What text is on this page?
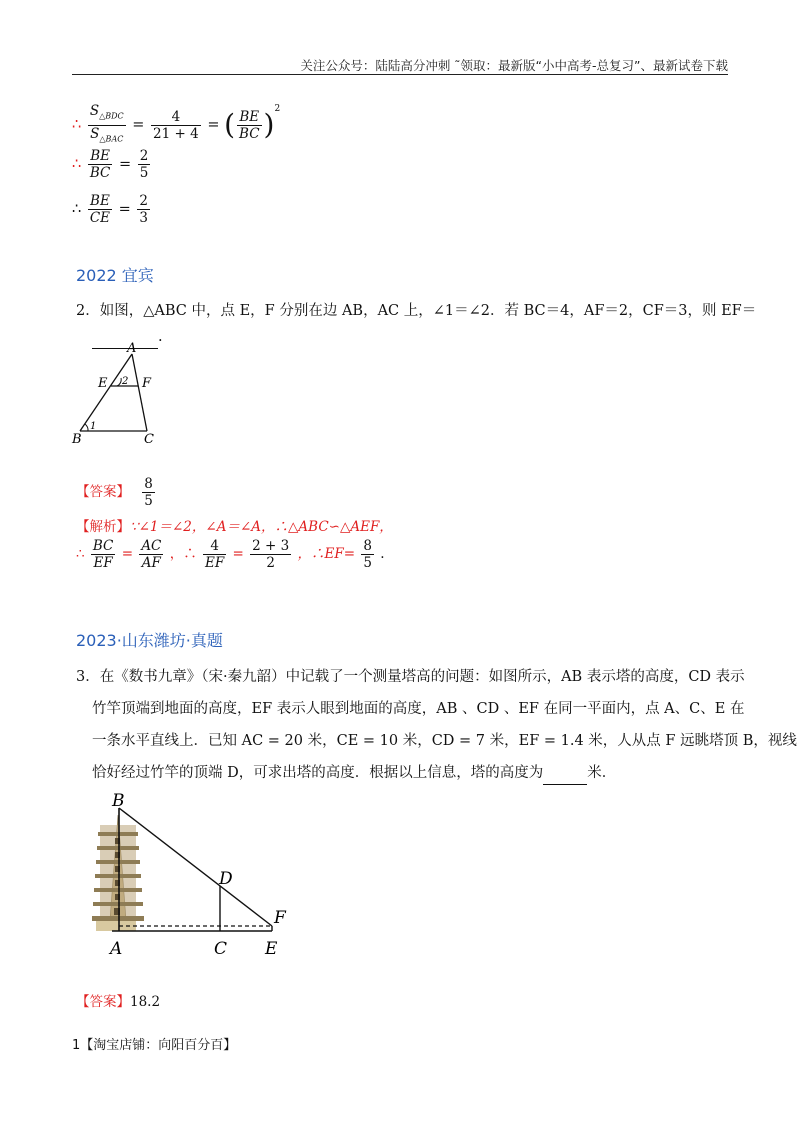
关注公众号：陆陆高分冲刺 ˜领取：最新版“小中高考-总复习”、最新试卷下载
∴ $\frac{S_{\triangle BDC}}{S_{\triangle BAC}} = \frac{4}{21 + 4}$ = ( $\frac{BE}{BC} )^2$
∴ $\frac{BE}{BC} = \frac{2}{5}$
∴ $\frac{BE}{CE} = \frac{2}{3}$
2022 宜宾
2．如图，△ABC 中，点 E，F 分别在边 AB，AC 上，∠1＝∠2．若 BC＝4，AF＝2，CF＝3，则 EF＝
.
A
E	F
B	C
2
1
【答案】 $\frac{8}{5}$
【解析】∵∠1＝∠2，∠A＝∠A，∴△ABC∽△AEF，
∴ $\frac{BC}{EF} = \frac{AC}{AF}$ ，∴ $\frac{4}{EF} = \frac{2 + 3}{2}$ ，∴EF= $\frac{8}{5}$ .
2023·山东潍坊·真题
3．在《数书九章》（宋·秦九韶）中记载了一个测量塔高的问题：如图所示，AB 表示塔的高度，CD 表示
竹竿顶端到地面的高度，EF 表示人眼到地面的高度，AB 、CD 、EF 在同一平面内，点 A、C、E 在
一条水平直线上．已知 AC = 20 米，CE = 10 米，CD = 7 米，EF = 1.4 米，人从点 F 远眺塔顶 B，视线
恰好经过竹竿的顶端 D，可求出塔的高度．根据以上信息，塔的高度为	米．
B
D
F
A	C E
【答案】18.2
1【淘宝店铺：向阳百分百】
